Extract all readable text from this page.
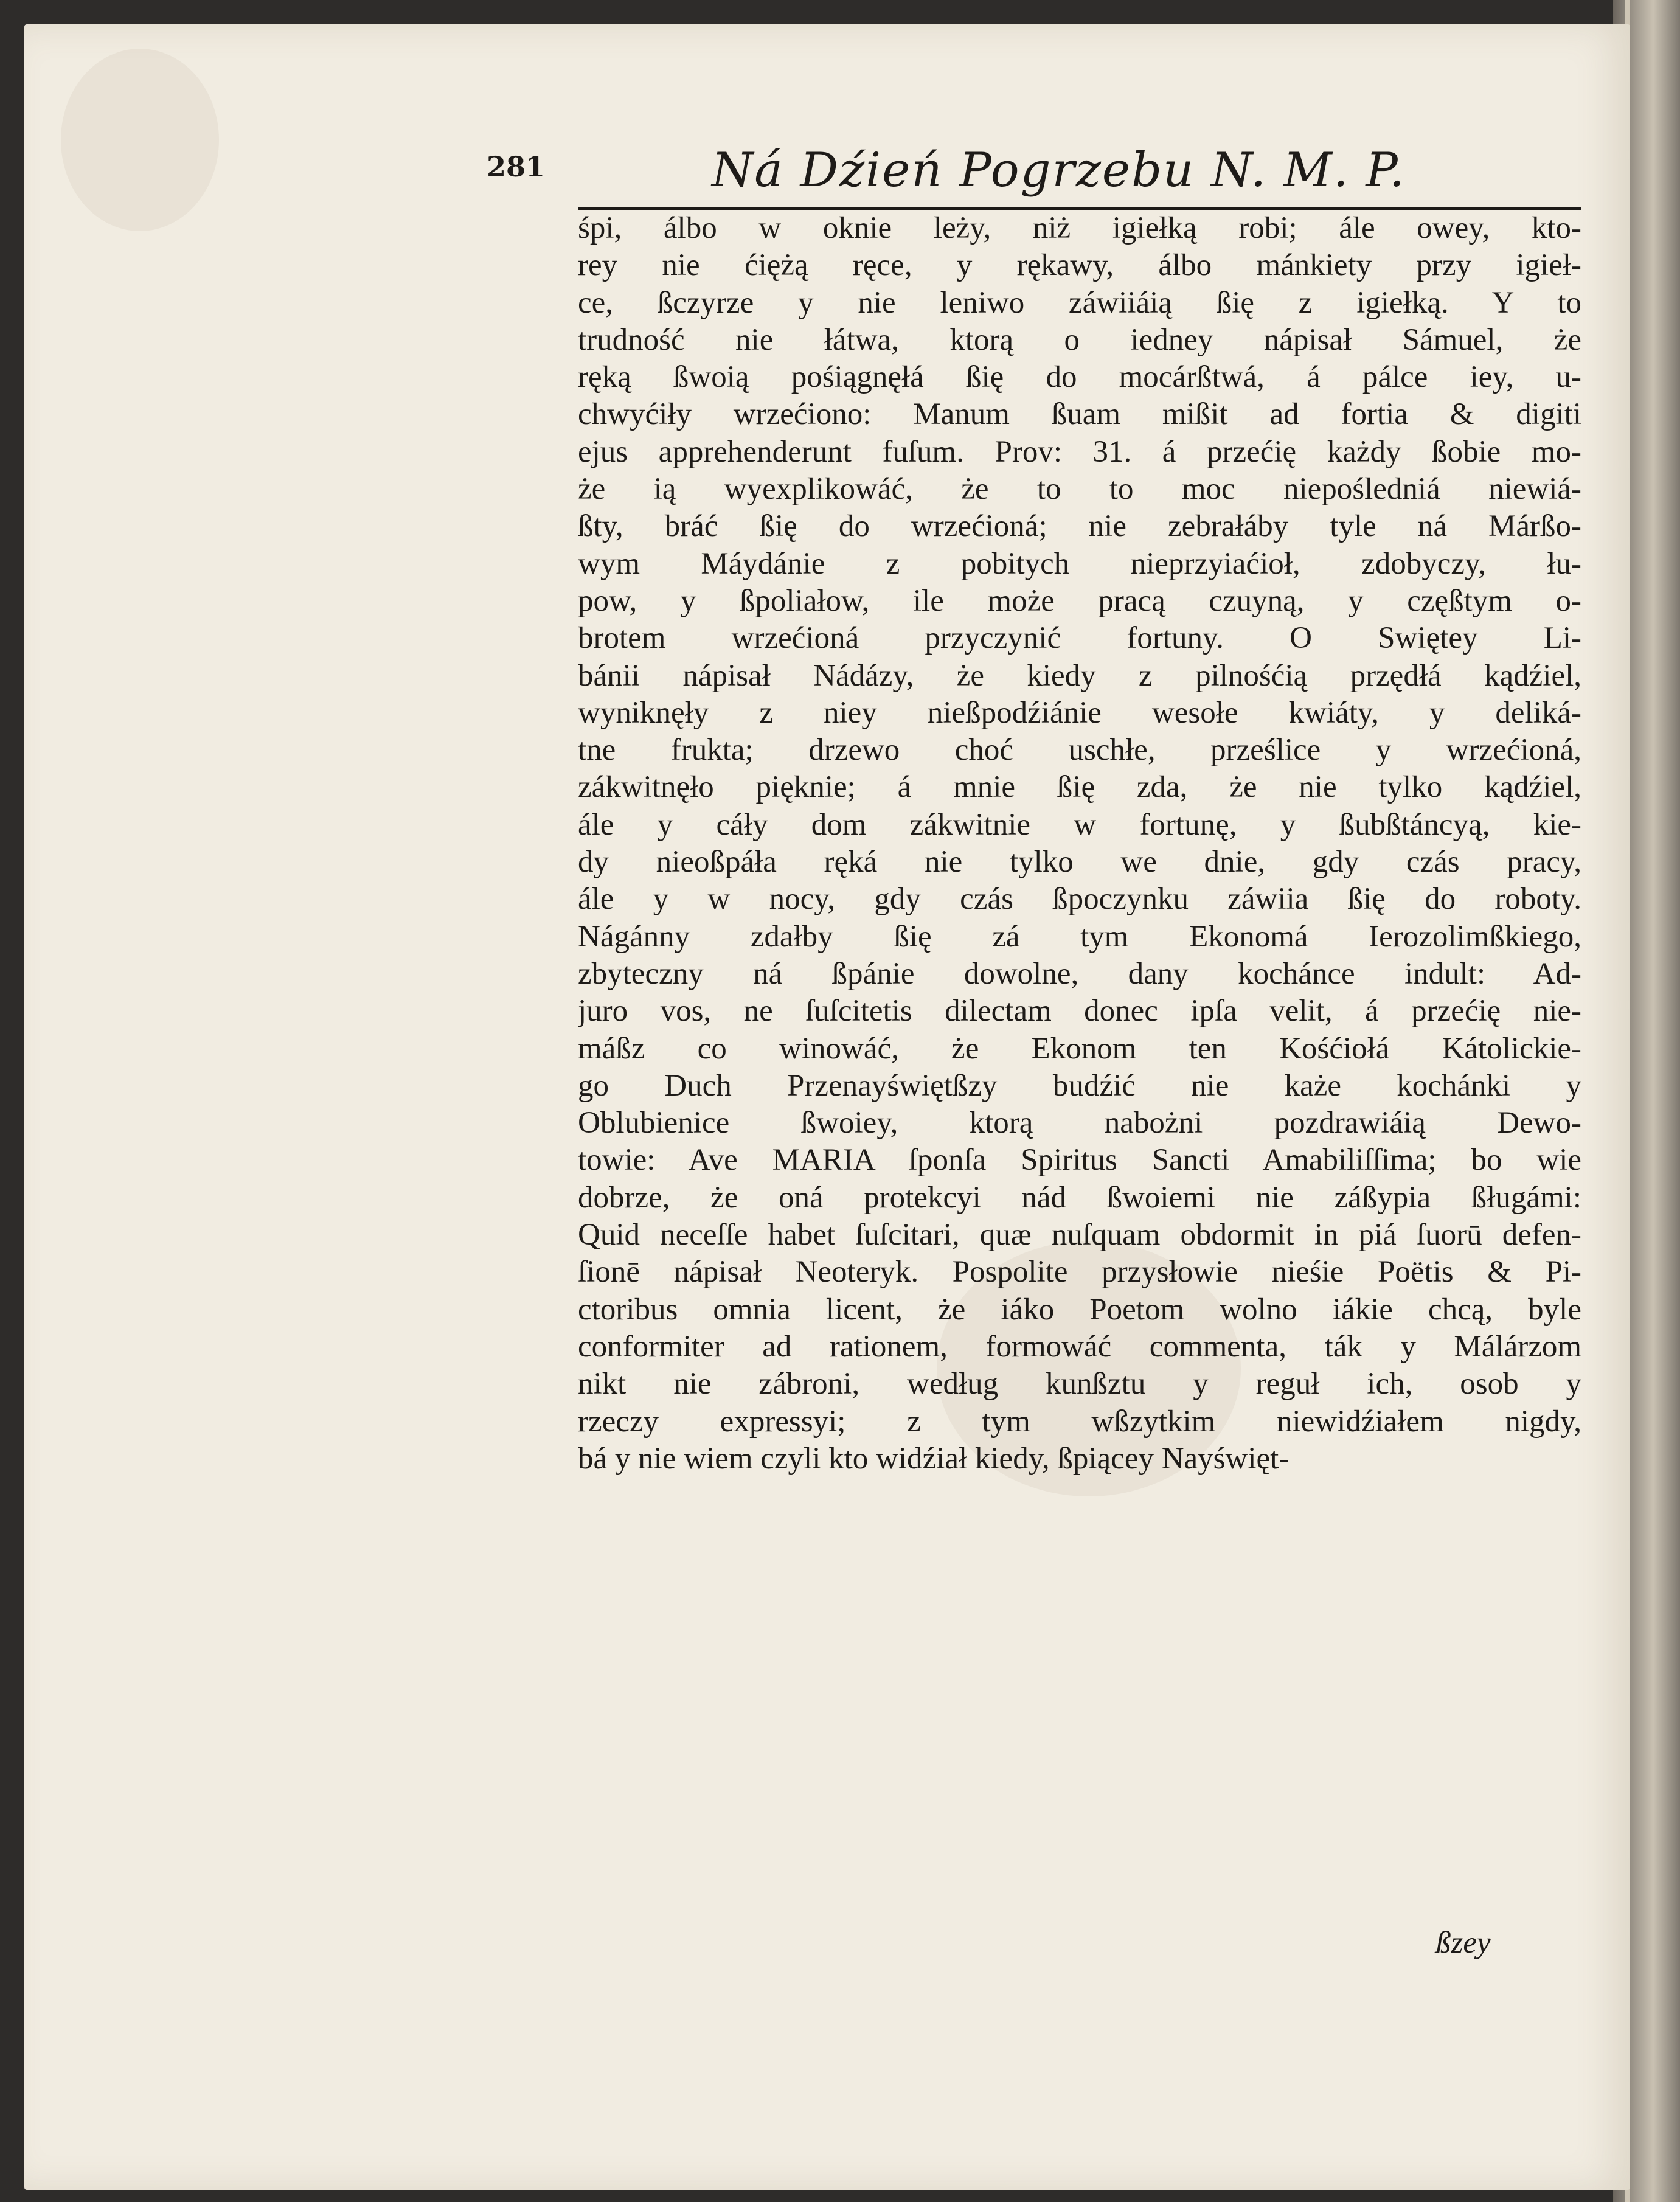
281	Ná Dźień Pogrzebu N. M. P.
śpi, álbo w oknie leży, niż igiełką robi; ále owey, kto-
rey nie ćiężą ręce, y rękawy, álbo mánkiety przy igieł-
ce, ßczyrze y nie leniwo záwiiáią ßię z igiełką. Y to
trudność nie łátwa, ktorą o iedney nápisał Sámuel, że
ręką ßwoią pośiągnęłá ßię do mocárßtwá, á pálce iey, u-
chwyćiły wrzećiono: Manum ßuam mißit ad fortia & digiti
ejus apprehenderunt fuſum. Prov: 31. á przećię każdy ßobie mo-
że ią wyexplikowáć, że to to moc niepośledniá niewiá-
ßty, bráć ßię do wrzećioná; nie zebrałáby tyle ná Márßo-
wym Máydánie z pobitych nieprzyiaćioł, zdobyczy, łu-
pow, y ßpoliałow, ile może pracą czuyną, y częßtym o-
brotem wrzećioná przyczynić fortuny. O Swiętey Li-
bánii nápisał Nádázy, że kiedy z pilnośćią przędłá kądźiel,
wyniknęły z niey nießpodźiánie wesołe kwiáty, y deliká-
tne frukta; drzewo choć uschłe, prześlice y wrzećioná,
zákwitnęło pięknie; á mnie ßię zda, że nie tylko kądźiel,
ále y cáły dom zákwitnie w fortunę, y ßubßtáncyą, kie-
dy nieoßpáła ręká nie tylko we dnie, gdy czás pracy,
ále y w nocy, gdy czás ßpoczynku záwiia ßię do roboty.
Nágánny zdałby ßię zá tym Ekonomá Ierozolimßkiego,
zbyteczny ná ßpánie dowolne, dany kochánce indult: Ad-
juro vos, ne ſuſcitetis dilectam donec ipſa velit, á przećię nie-
máßz co winowáć, że Ekonom ten Kośćiołá Kátolickie-
go Duch Przenayświętßzy budźić nie każe kochánki y
Oblubienice ßwoiey, ktorą nabożni pozdrawiáią Dewo-
towie: Ave MARIA ſponſa Spiritus Sancti Amabiliſſima; bo wie
dobrze, że oná protekcyi nád ßwoiemi nie záßypia ßługámi:
Quid neceſſe habet ſuſcitari, quæ nuſquam obdormit in piá ſuorū defen-
ſionē nápisał Neoteryk. Pospolite przysłowie nieśie Poëtis & Pi-
ctoribus omnia licent, że iáko Poetom wolno iákie chcą, byle
conformiter ad rationem, formowáć commenta, ták y Málárzom
nikt nie zábroni, według kunßztu y reguł ich, osob y
rzeczy expressyi; z tym wßzytkim niewidźiałem nigdy,
bá y nie wiem czyli kto widźiał kiedy, ßpiącey Nayświęt-
ßzey
